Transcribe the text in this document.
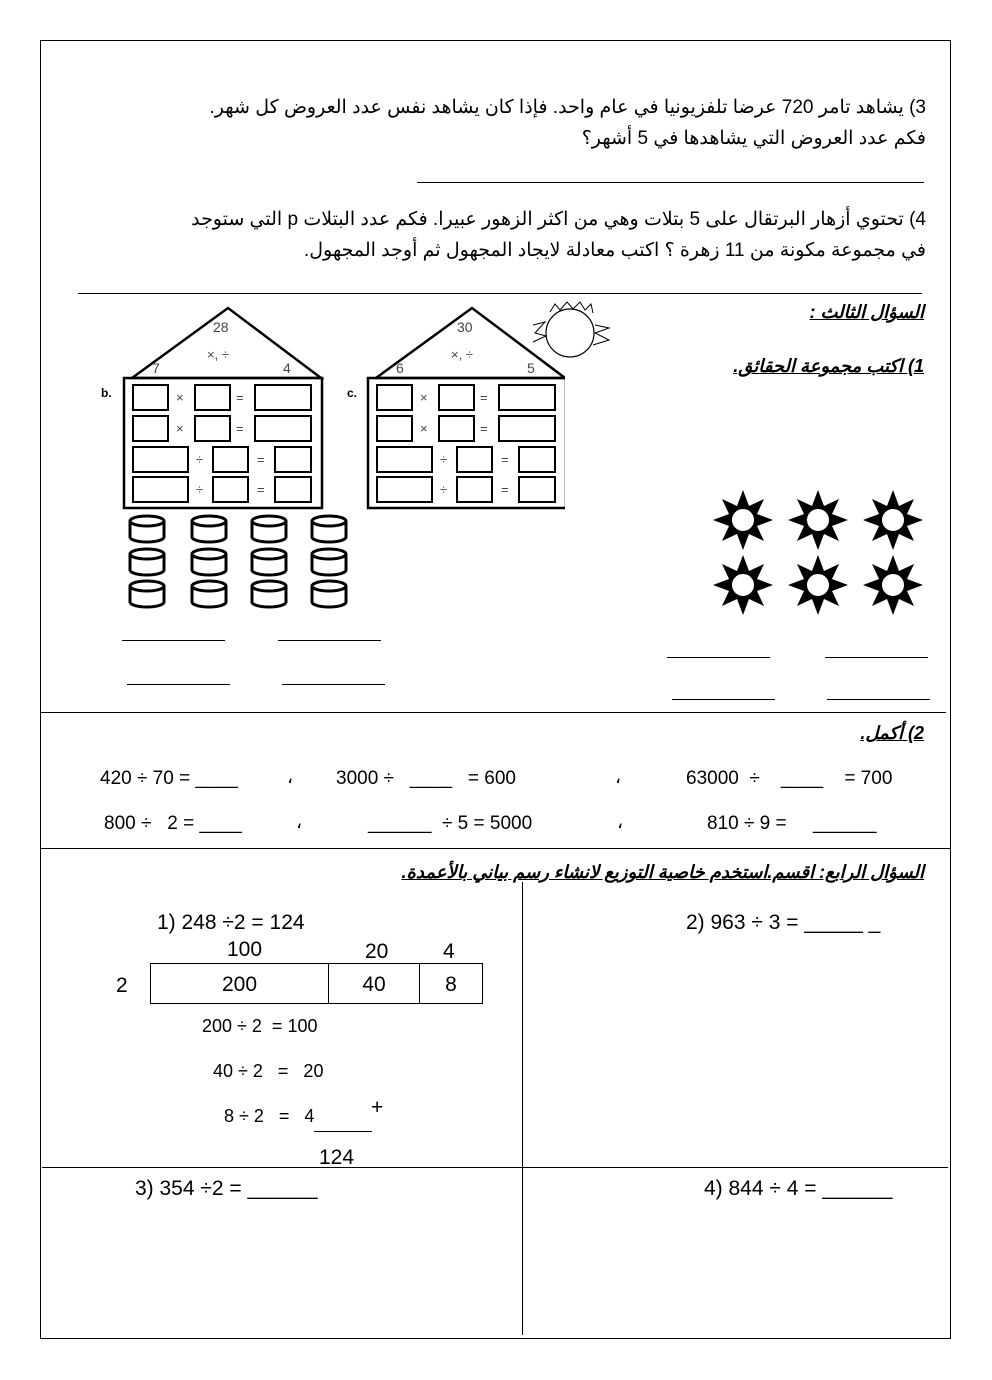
3) يشاهد تامر 720 عرضا تلفزيونيا في عام واحد. فإذا كان يشاهد نفس عدد العروض كل شهر.
فكم عدد العروض التي يشاهدها في 5 أشهر؟
4) تحتوي أزهار البرتقال على 5 بتلات وهي من اكثر الزهور عبيرا. فكم عدد البتلات p التي ستوجد
في مجموعة مكونة من 11 زهرة ؟ اكتب معادلة لايجاد المجهول ثم أوجد المجهول.
السؤال الثالث :
1) اكتب مجموعة الحقائق.
b.
28
×, ÷
7	4
×	=
×	=
÷	=
÷	=
c.
30
×, ÷
6	5
×	=
×	=
÷	=
÷	=
2) أكمل.
420 ÷ 70 = ____	، 3000 ÷   ____   = 600	،	63000  ÷    ____    = 700
800 ÷   2 = ____	،	______  ÷ 5 = 5000	،	810 ÷ 9 =     ______
السؤال الرابع: اقسم.استخدم خاصية التوزيع لانشاء رسم بياني بالأعمدة.
1) 248 ÷2 = 124
100	20	4
2	200	40	8
200 ÷ 2  = 100
40 ÷ 2   =   20
8 ÷ 2   =   4	+
124
2) 963 ÷ 3 = _____ _
3) 354 ÷2 = ______	4) 844 ÷ 4 = ______
